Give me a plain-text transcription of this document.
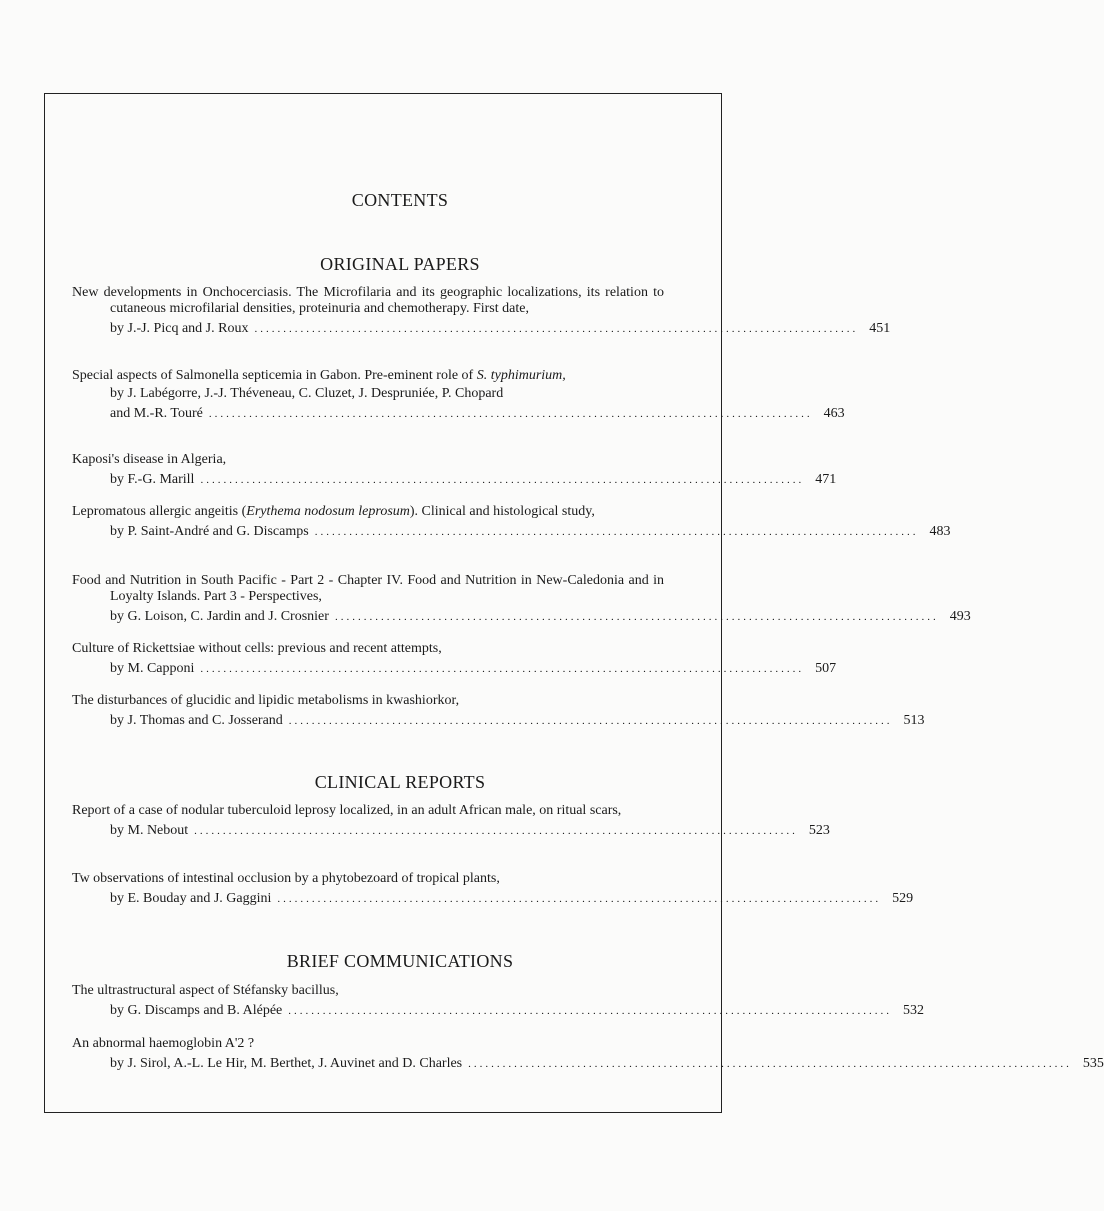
CONTENTS
ORIGINAL PAPERS
New developments in Onchocerciasis. The Microfilaria and its geographic localizations, its relation to cutaneous microfilarial densities, proteinuria and chemotherapy. First date,
by J.-J. Picq and J. Roux ......................................................................................................... 451
Special aspects of Salmonella septicemia in Gabon. Pre-eminent role of S. typhimurium,
by J. Labégorre, J.-J. Théveneau, C. Cluzet, J. Despruniée, P. Chopard
and M.-R. Touré ......................................................................................................... 463
Kaposi's disease in Algeria,
by F.-G. Marill ......................................................................................................... 471
Lepromatous allergic angeitis (Erythema nodosum leprosum). Clinical and histological study,
by P. Saint-André and G. Discamps ......................................................................................................... 483
Food and Nutrition in South Pacific - Part 2 - Chapter IV. Food and Nutrition in New-Caledonia and in Loyalty Islands. Part 3 - Perspectives,
by G. Loison, C. Jardin and J. Crosnier ......................................................................................................... 493
Culture of Rickettsiae without cells: previous and recent attempts,
by M. Capponi ......................................................................................................... 507
The disturbances of glucidic and lipidic metabolisms in kwashiorkor,
by J. Thomas and C. Josserand ......................................................................................................... 513
CLINICAL REPORTS
Report of a case of nodular tuberculoid leprosy localized, in an adult African male, on ritual scars,
by M. Nebout ......................................................................................................... 523
Tw observations of intestinal occlusion by a phytobezoard of tropical plants,
by E. Bouday and J. Gaggini ......................................................................................................... 529
BRIEF COMMUNICATIONS
The ultrastructural aspect of Stéfansky bacillus,
by G. Discamps and B. Alépée ......................................................................................................... 532
An abnormal haemoglobin A'2 ?
by J. Sirol, A.-L. Le Hir, M. Berthet, J. Auvinet and D. Charles ......................................................................................................... 535
